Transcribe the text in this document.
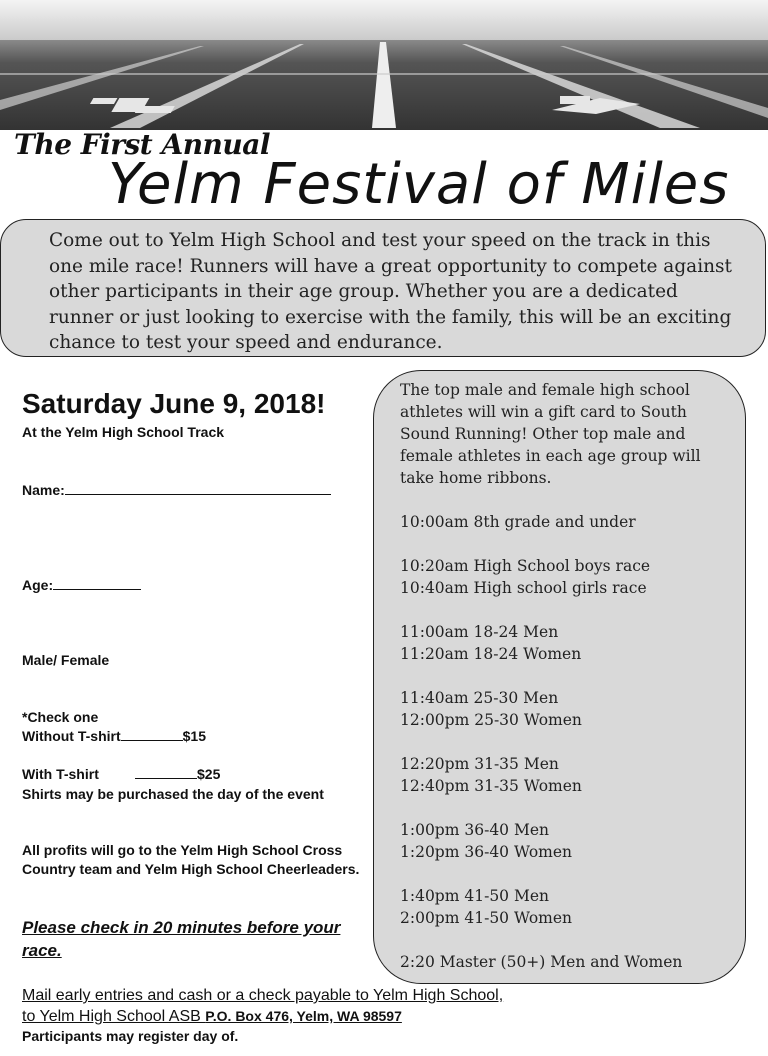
The First Annual
Yelm Festival of Miles
Come out to Yelm High School and test your speed on the track in this one mile race! Runners will have a great opportunity to compete against other participants in their age group. Whether you are a dedicated runner or just looking to exercise with the family, this will be an exciting chance to test your speed and endurance.
Saturday June 9, 2018!
At the Yelm High School Track
Name:
Age:
Male/ Female
*Check one
Without T-shirt	$15
With T-shirt	$25
Shirts may be purchased the day of the event
All profits will go to the Yelm High School Cross Country team and Yelm High School Cheerleaders.
Please check in 20 minutes before your race.
Mail early entries and cash or a check payable to Yelm High School,
to Yelm High School ASB P.O. Box 476, Yelm, WA 98597
Participants may register day of.
The top male and female high school athletes will win a gift card to South Sound Running! Other top male and female athletes in each age group will take home ribbons.
10:00am 8th grade and under
10:20am High School boys race
10:40am High school girls race
11:00am 18-24 Men
11:20am 18-24 Women
11:40am 25-30 Men
12:00pm 25-30 Women
12:20pm 31-35 Men
12:40pm 31-35 Women
1:00pm 36-40 Men
1:20pm 36-40 Women
1:40pm 41-50 Men
2:00pm 41-50 Women
2:20 Master (50+) Men and Women
